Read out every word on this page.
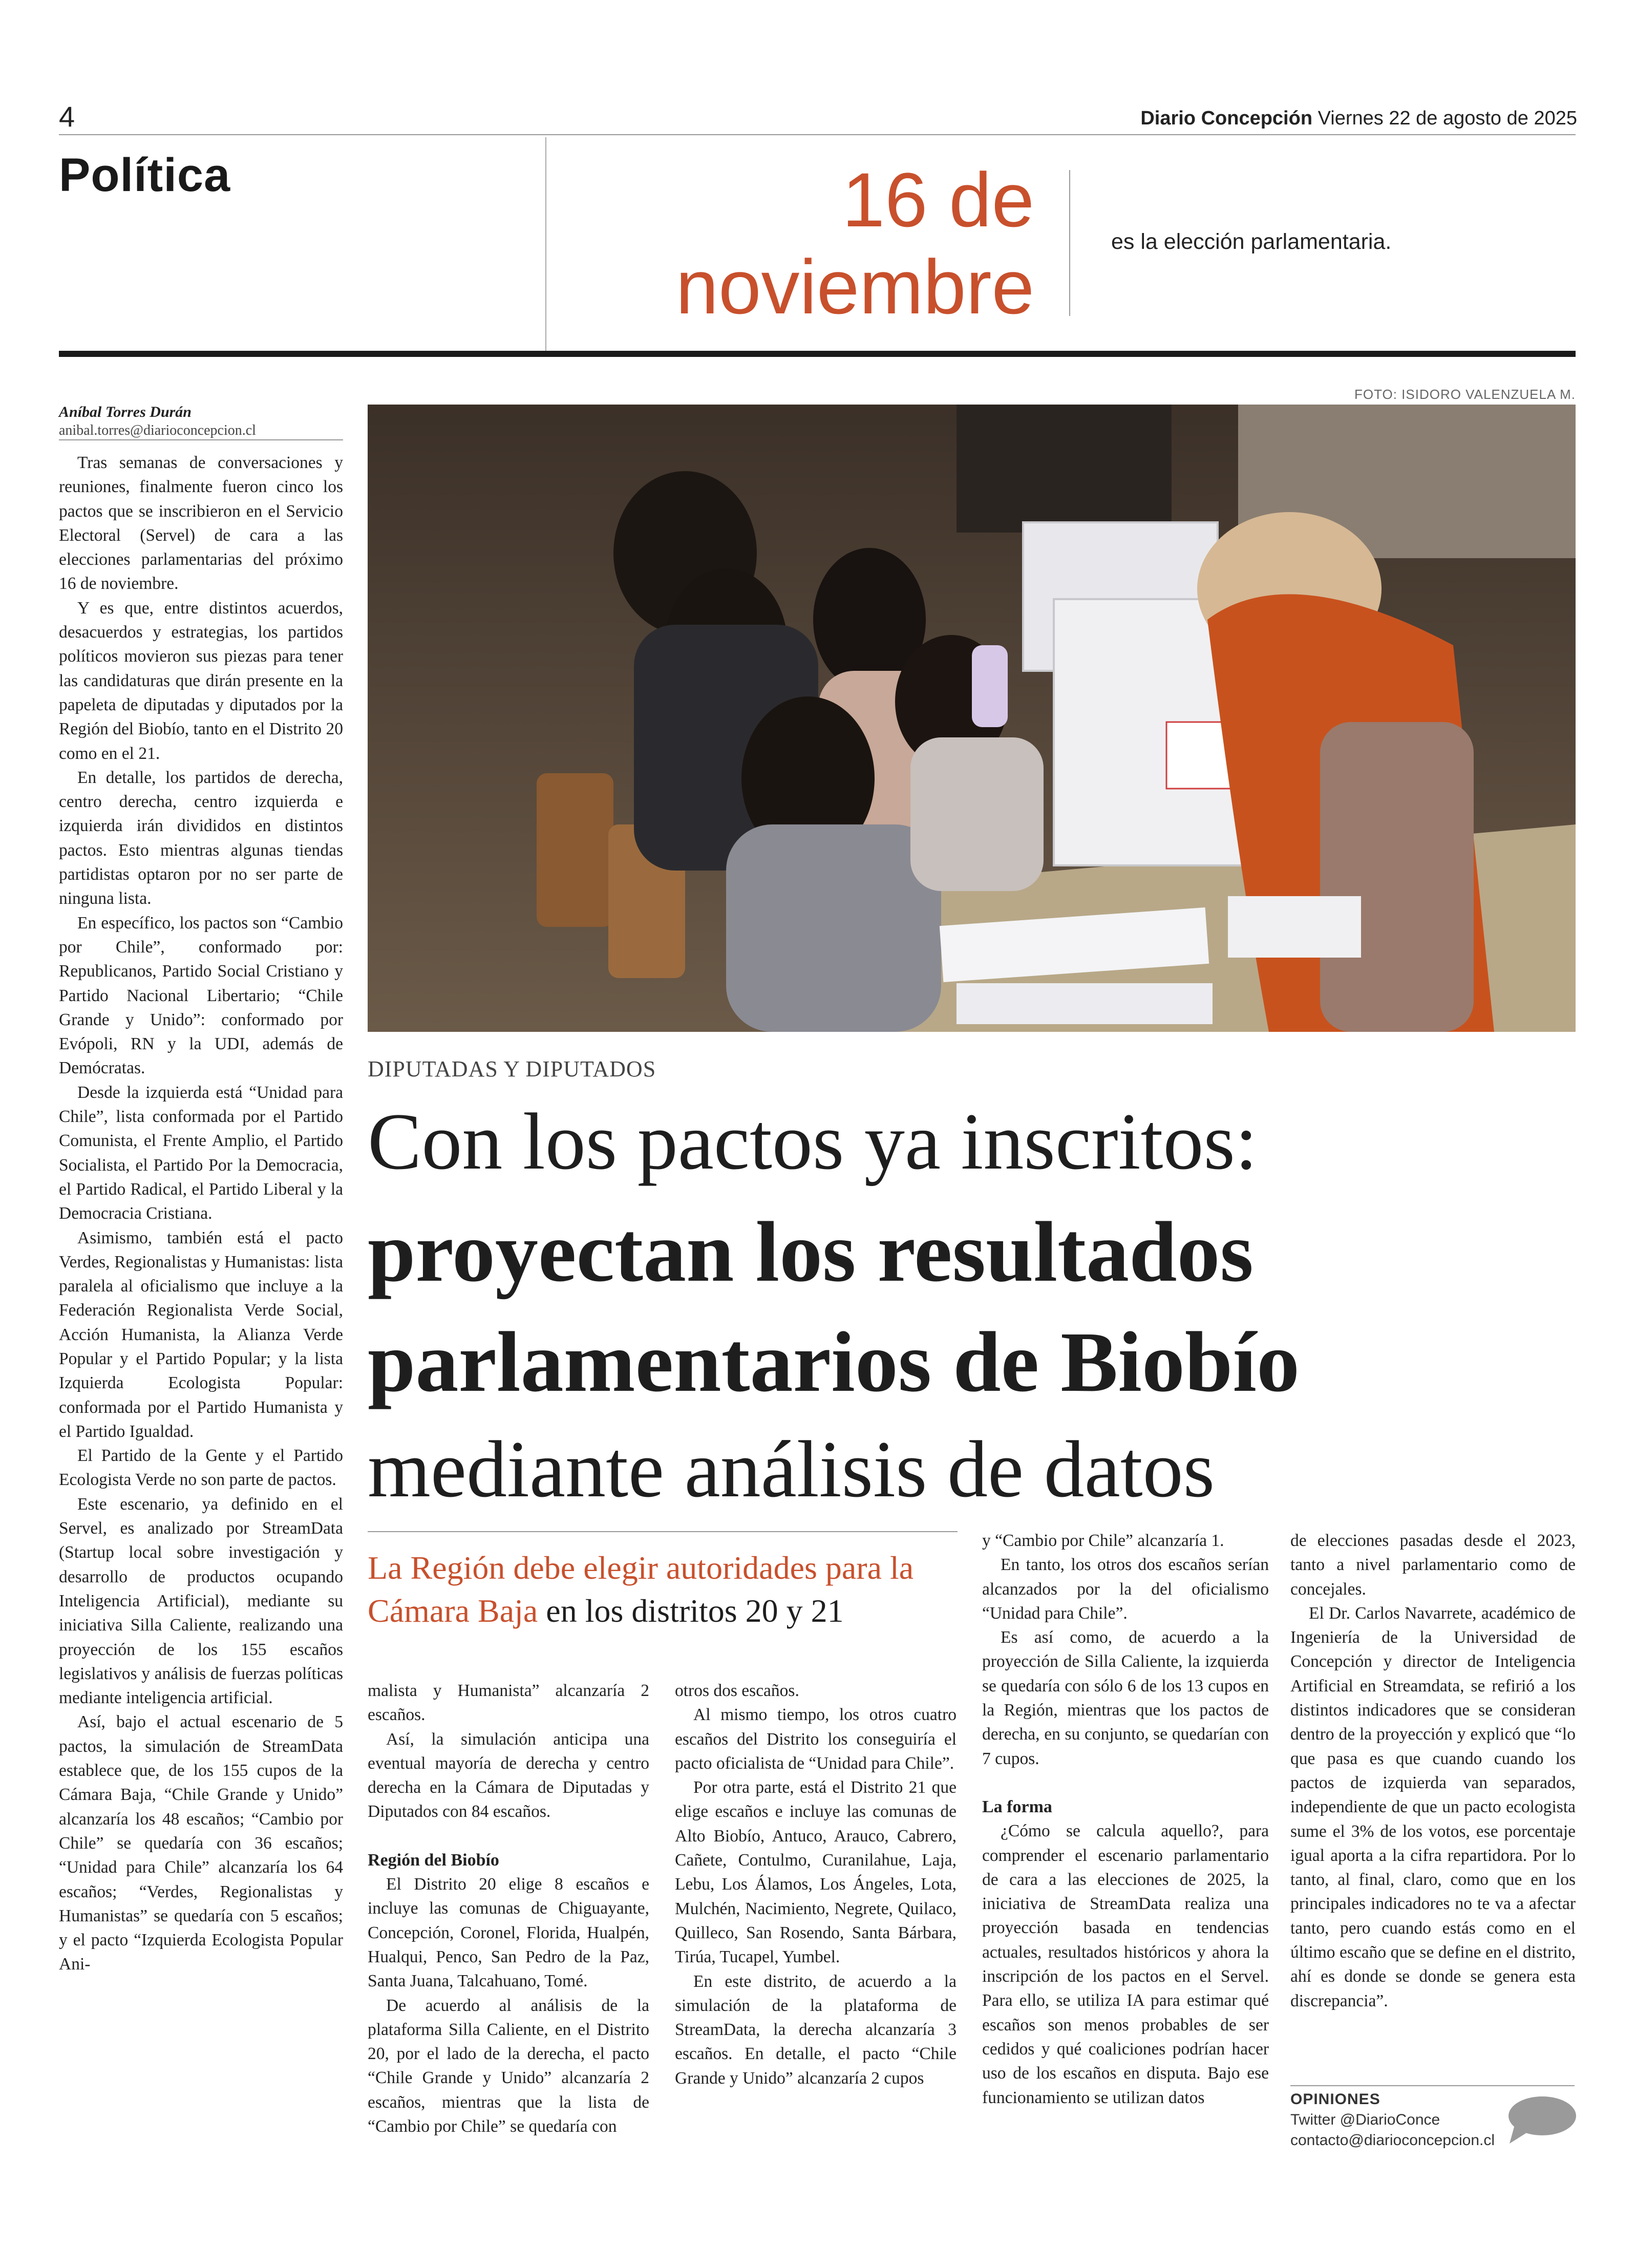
4	Diario Concepción Viernes 22 de agosto de 2025
Política	16 de
noviembre
es la elección parlamentaria.
Aníbal Torres Durán
anibal.torres@diarioconcepcion.cl
FOTO: ISIDORO VALENZUELA M.
DIPUTADAS Y DIPUTADOS
Con los pactos ya inscritos:
proyectan los resultados
parlamentarios de Biobío
mediante análisis de datos
La Región debe elegir autoridades para la Cámara Baja en los distritos 20 y 21

Tras semanas de conversaciones y reuniones, finalmente fueron cinco los pactos que se inscribieron en el Servicio Electoral (Servel) de cara a las elecciones parlamentarias del próximo 16 de noviembre.

Y es que, entre distintos acuerdos, desacuerdos y estrategias, los partidos políticos movieron sus piezas para tener las candidaturas que dirán presente en la papeleta de diputadas y diputados por la Región del Biobío, tanto en el Distrito 20 como en el 21.

En detalle, los partidos de derecha, centro derecha, centro izquierda e izquierda irán divididos en distintos pactos. Esto mientras algunas tiendas partidistas optaron por no ser parte de ninguna lista.

En específico, los pactos son “Cambio por Chile”, conformado por: Republicanos, Partido Social Cristiano y Partido Nacional Libertario; “Chile Grande y Unido”: conformado por Evópoli, RN y la UDI, además de Demócratas.

Desde la izquierda está “Unidad para Chile”, lista conformada por el Partido Comunista, el Frente Amplio, el Partido Socialista, el Partido Por la Democracia, el Partido Radical, el Partido Liberal y la Democracia Cristiana.

Asimismo, también está el pacto Verdes, Regionalistas y Humanistas: lista paralela al oficialismo que incluye a la Federación Regionalista Verde Social, Acción Humanista, la Alianza Verde Popular y el Partido Popular; y la lista Izquierda Ecologista Popular: conformada por el Partido Humanista y el Partido Igualdad.

El Partido de la Gente y el Partido Ecologista Verde no son parte de pactos.

Este escenario, ya definido en el Servel, es analizado por StreamData (Startup local sobre investigación y desarrollo de productos ocupando Inteligencia Artificial), mediante su iniciativa Silla Caliente, realizando una proyección de los 155 escaños legislativos y análisis de fuerzas políticas mediante inteligencia artificial.

Así, bajo el actual escenario de 5 pactos, la simulación de StreamData establece que, de los 155 cupos de la Cámara Baja, “Chile Grande y Unido” alcanzaría los 48 escaños; “Cambio por Chile” se quedaría con 36 escaños; “Unidad para Chile” alcanzaría los 64 escaños; “Verdes, Regionalistas y Humanistas” se quedaría con 5 escaños; y el pacto “Izquierda Ecologista Popular Ani-

malista y Humanista” alcanzaría 2 escaños.

Así, la simulación anticipa una eventual mayoría de derecha y centro derecha en la Cámara de Diputadas y Diputados con 84 escaños.

Región del Biobío

El Distrito 20 elige 8 escaños e incluye las comunas de Chiguayante, Concepción, Coronel, Florida, Hualpén, Hualqui, Penco, San Pedro de la Paz, Santa Juana, Talcahuano, Tomé.

De acuerdo al análisis de la plataforma Silla Caliente, en el Distrito 20, por el lado de la derecha, el pacto “Chile Grande y Unido” alcanzaría 2 escaños, mientras que la lista de “Cambio por Chile” se quedaría con

otros dos escaños.

Al mismo tiempo, los otros cuatro escaños del Distrito los conseguiría el pacto oficialista de “Unidad para Chile”.

Por otra parte, está el Distrito 21 que elige escaños e incluye las comunas de Alto Biobío, Antuco, Arauco, Cabrero, Cañete, Contulmo, Curanilahue, Laja, Lebu, Los Álamos, Los Ángeles, Lota, Mulchén, Nacimiento, Negrete, Quilaco, Quilleco, San Rosendo, Santa Bárbara, Tirúa, Tucapel, Yumbel.

En este distrito, de acuerdo a la simulación de la plataforma de StreamData, la derecha alcanzaría 3 escaños. En detalle, el pacto “Chile Grande y Unido” alcanzaría 2 cupos

y “Cambio por Chile” alcanzaría 1.

En tanto, los otros dos escaños serían alcanzados por la del oficialismo “Unidad para Chile”.

Es así como, de acuerdo a la proyección de Silla Caliente, la izquierda se quedaría con sólo 6 de los 13 cupos en la Región, mientras que los pactos de derecha, en su conjunto, se quedarían con 7 cupos.

La forma

¿Cómo se calcula aquello?, para comprender el escenario parlamentario de cara a las elecciones de 2025, la iniciativa de StreamData realiza una proyección basada en tendencias actuales, resultados históricos y ahora la inscripción de los pactos en el Servel. Para ello, se utiliza IA para estimar qué escaños son menos probables de ser cedidos y qué coaliciones podrían hacer uso de los escaños en disputa. Bajo ese funcionamiento se utilizan datos

de elecciones pasadas desde el 2023, tanto a nivel parlamentario como de concejales.

El Dr. Carlos Navarrete, académico de Ingeniería de la Universidad de Concepción y director de Inteligencia Artificial en Streamdata, se refirió a los distintos indicadores que se consideran dentro de la proyección y explicó que “lo que pasa es que cuando cuando los pactos de izquierda van separados, independiente de que un pacto ecologista sume el 3% de los votos, ese porcentaje igual aporta a la cifra repartidora. Por lo tanto, al final, claro, como que en los principales indicadores no te va a afectar tanto, pero cuando estás como en el último escaño que se define en el distrito, ahí es donde se donde se genera esta discrepancia”.

OPINIONES
Twitter @DiarioConce
contacto@diarioconcepcion.cl
